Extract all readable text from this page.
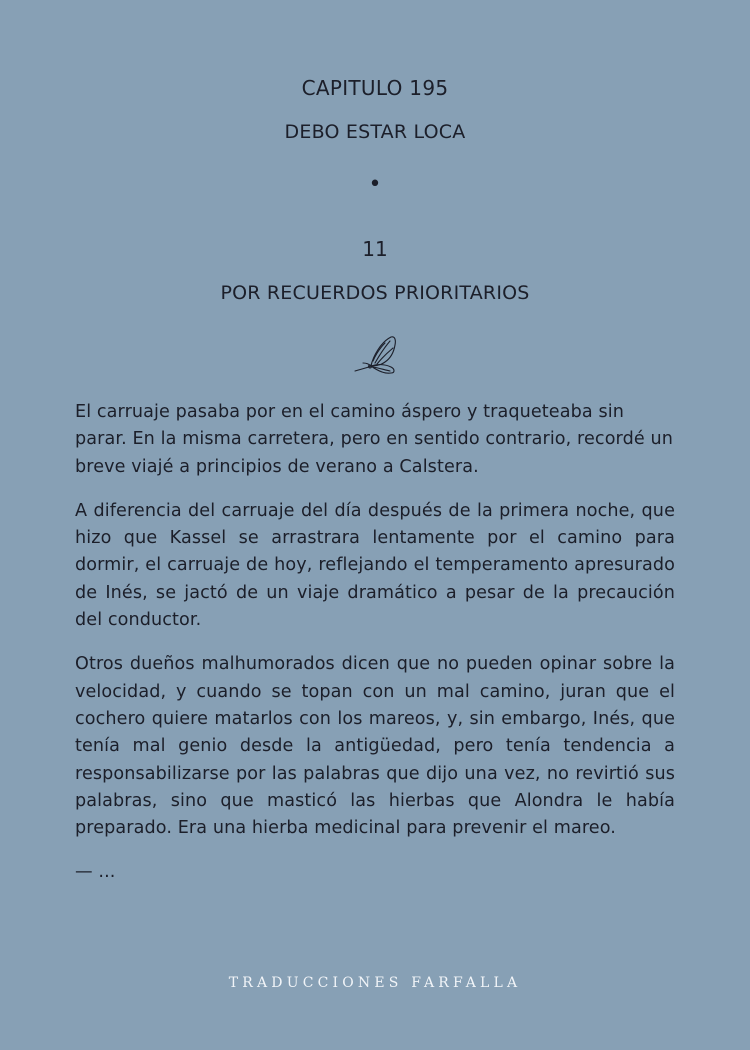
CAPITULO 195
DEBO ESTAR LOCA
•
11
POR RECUERDOS PRIORITARIOS

El carruaje pasaba por en el camino áspero y traqueteaba sin parar. En la misma carretera, pero en sentido contrario, recordé un breve viajé a principios de verano a Calstera.

A diferencia del carruaje del día después de la primera noche, que hizo que Kassel se arrastrara lentamente por el camino para dormir, el carruaje de hoy, reflejando el temperamento apresurado de Inés, se jactó de un viaje dramático a pesar de la precaución del conductor.

Otros dueños malhumorados dicen que no pueden opinar sobre la velocidad, y cuando se topan con un mal camino, juran que el cochero quiere matarlos con los mareos, y, sin embargo, Inés, que tenía mal genio desde la antigüedad, pero tenía tendencia a responsabilizarse por las palabras que dijo una vez, no revirtió sus palabras, sino que masticó las hierbas que Alondra le había preparado. Era una hierba medicinal para prevenir el mareo.

— ...

TRADUCCIONES FARFALLA
